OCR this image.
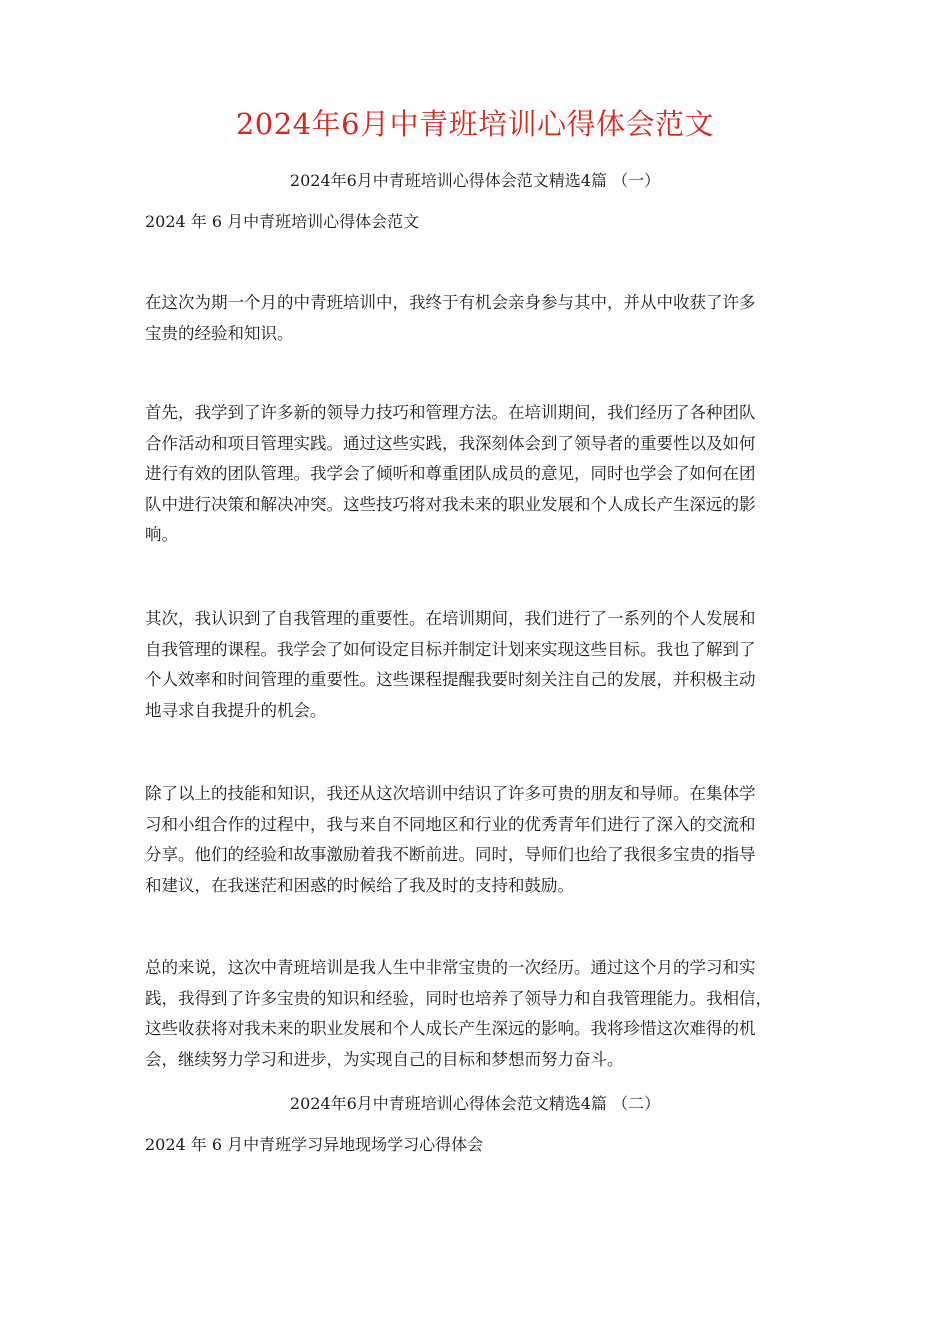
2024年6月中青班培训心得体会范文
2024年6月中青班培训心得体会范文精选4篇 （一）
2024 年 6 月中青班培训心得体会范文

在这次为期一个月的中青班培训中，我终于有机会亲身参与其中，并从中收获了许多
宝贵的经验和知识。

首先，我学到了许多新的领导力技巧和管理方法。在培训期间，我们经历了各种团队
合作活动和项目管理实践。通过这些实践，我深刻体会到了领导者的重要性以及如何
进行有效的团队管理。我学会了倾听和尊重团队成员的意见，同时也学会了如何在团
队中进行决策和解决冲突。这些技巧将对我未来的职业发展和个人成长产生深远的影
响。

其次，我认识到了自我管理的重要性。在培训期间，我们进行了一系列的个人发展和
自我管理的课程。我学会了如何设定目标并制定计划来实现这些目标。我也了解到了
个人效率和时间管理的重要性。这些课程提醒我要时刻关注自己的发展，并积极主动
地寻求自我提升的机会。

除了以上的技能和知识，我还从这次培训中结识了许多可贵的朋友和导师。在集体学
习和小组合作的过程中，我与来自不同地区和行业的优秀青年们进行了深入的交流和
分享。他们的经验和故事激励着我不断前进。同时，导师们也给了我很多宝贵的指导
和建议，在我迷茫和困惑的时候给了我及时的支持和鼓励。

总的来说，这次中青班培训是我人生中非常宝贵的一次经历。通过这个月的学习和实
践，我得到了许多宝贵的知识和经验，同时也培养了领导力和自我管理能力。我相信，
这些收获将对我未来的职业发展和个人成长产生深远的影响。我将珍惜这次难得的机
会，继续努力学习和进步，为实现自己的目标和梦想而努力奋斗。

2024年6月中青班培训心得体会范文精选4篇 （二）
2024 年 6 月中青班学习异地现场学习心得体会
